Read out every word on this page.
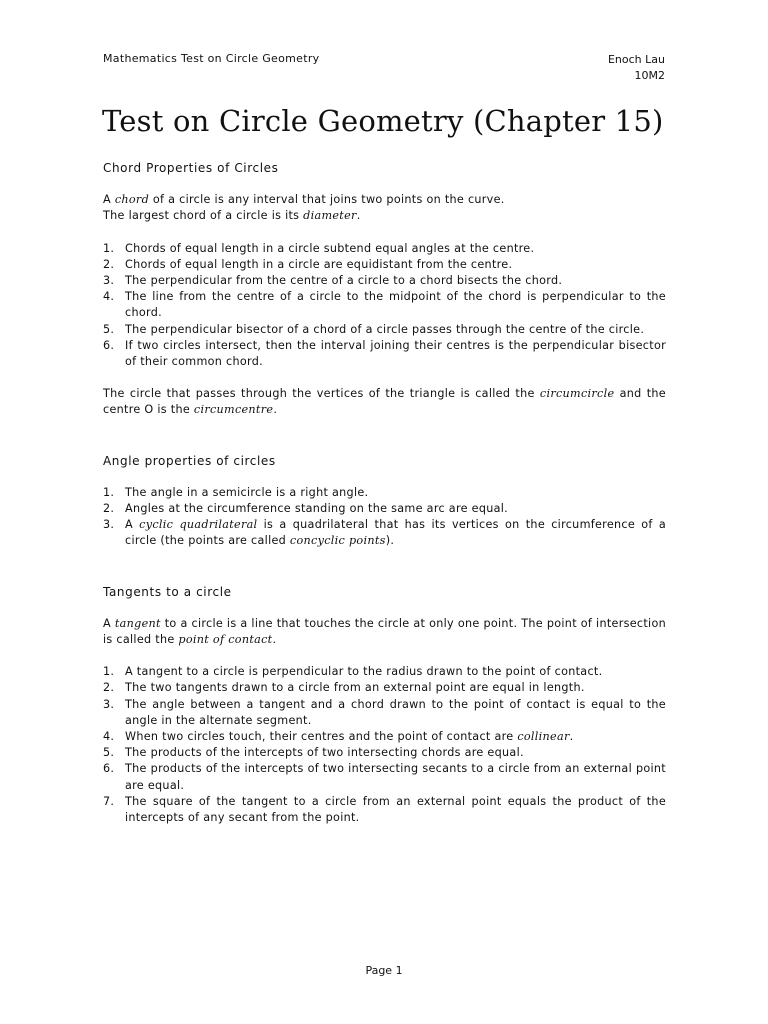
Mathematics Test on Circle Geometry	Enoch Lau
10M2
Test on Circle Geometry (Chapter 15)
Chord Properties of Circles

A chord of a circle is any interval that joins two points on the curve.

The largest chord of a circle is its diameter.

1. Chords of equal length in a circle subtend equal angles at the centre.
2. Chords of equal length in a circle are equidistant from the centre.
3. The perpendicular from the centre of a circle to a chord bisects the chord.
4. The line from the centre of a circle to the midpoint of the chord is perpendicular to the chord.
5. The perpendicular bisector of a chord of a circle passes through the centre of the circle.
6. If two circles intersect, then the interval joining their centres is the perpendicular bisector of their common chord.

The circle that passes through the vertices of the triangle is called the circumcircle and the centre O is the circumcentre.

Angle properties of circles
1. The angle in a semicircle is a right angle.
2. Angles at the circumference standing on the same arc are equal.
3. A cyclic quadrilateral is a quadrilateral that has its vertices on the circumference of a circle (the points are called concyclic points).
Tangents to a circle

A tangent to a circle is a line that touches the circle at only one point. The point of intersection is called the point of contact.

1. A tangent to a circle is perpendicular to the radius drawn to the point of contact.
2. The two tangents drawn to a circle from an external point are equal in length.
3. The angle between a tangent and a chord drawn to the point of contact is equal to the angle in the alternate segment.
4. When two circles touch, their centres and the point of contact are collinear.
5. The products of the intercepts of two intersecting chords are equal.
6. The products of the intercepts of two intersecting secants to a circle from an external point are equal.
7. The square of the tangent to a circle from an external point equals the product of the intercepts of any secant from the point.
Page 1
